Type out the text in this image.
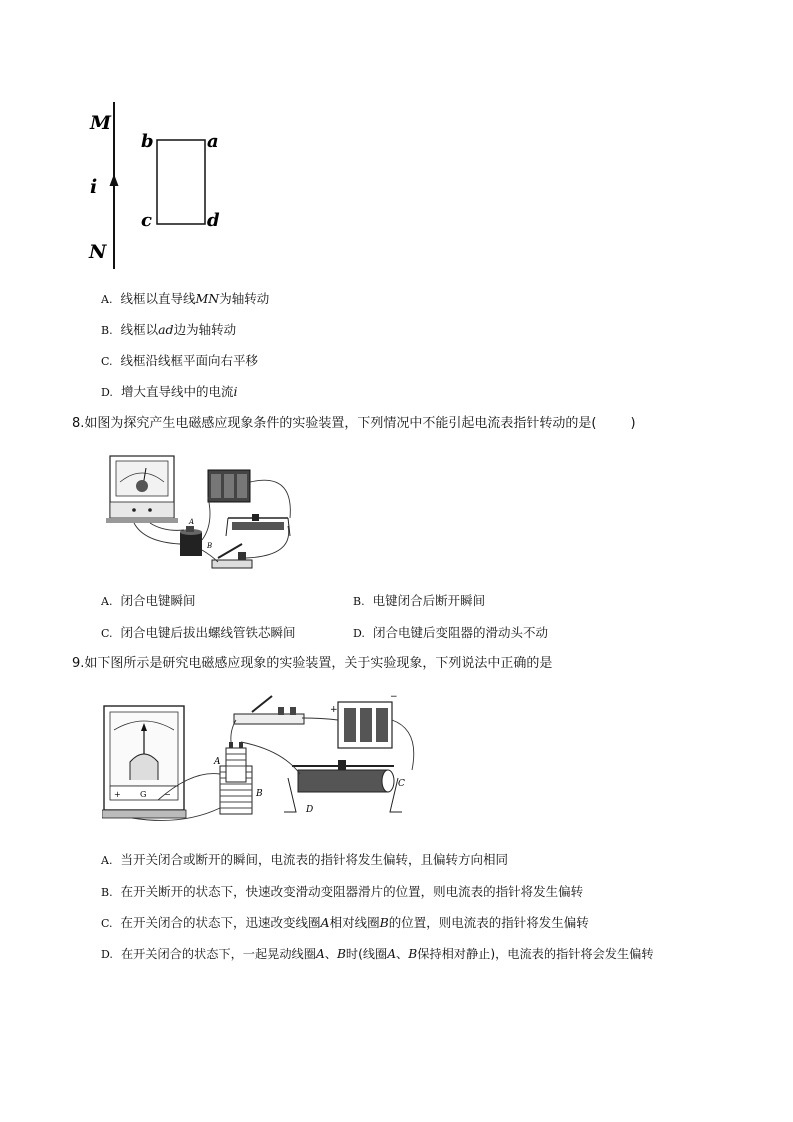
M
i
N
b	a
c	d
A. 线框以直导线MN为轴转动
B. 线框以ad边为轴转动
C. 线框沿线框平面向右平移
D. 增大直导线中的电流i
8.如图为探究产生电磁感应现象条件的实验装置，下列情况中不能引起电流表指针转动的是(	)
A
B
A. 闭合电键瞬间	B. 电键闭合后断开瞬间
C. 闭合电键后拔出螺线管铁芯瞬间	D. 闭合电键后变阻器的滑动头不动
9.如下图所示是研究电磁感应现象的实验装置，关于实验现象，下列说法中正确的是
+ G −
+
−
A
B
C
D
A. 当开关闭合或断开的瞬间，电流表的指针将发生偏转，且偏转方向相同
B. 在开关断开的状态下，快速改变滑动变阻器滑片的位置，则电流表的指针将发生偏转
C. 在开关闭合的状态下，迅速改变线圈A相对线圈B的位置，则电流表的指针将发生偏转
D. 在开关闭合的状态下，一起晃动线圈A、B时(线圈A、B保持相对静止)，电流表的指针将会发生偏转
